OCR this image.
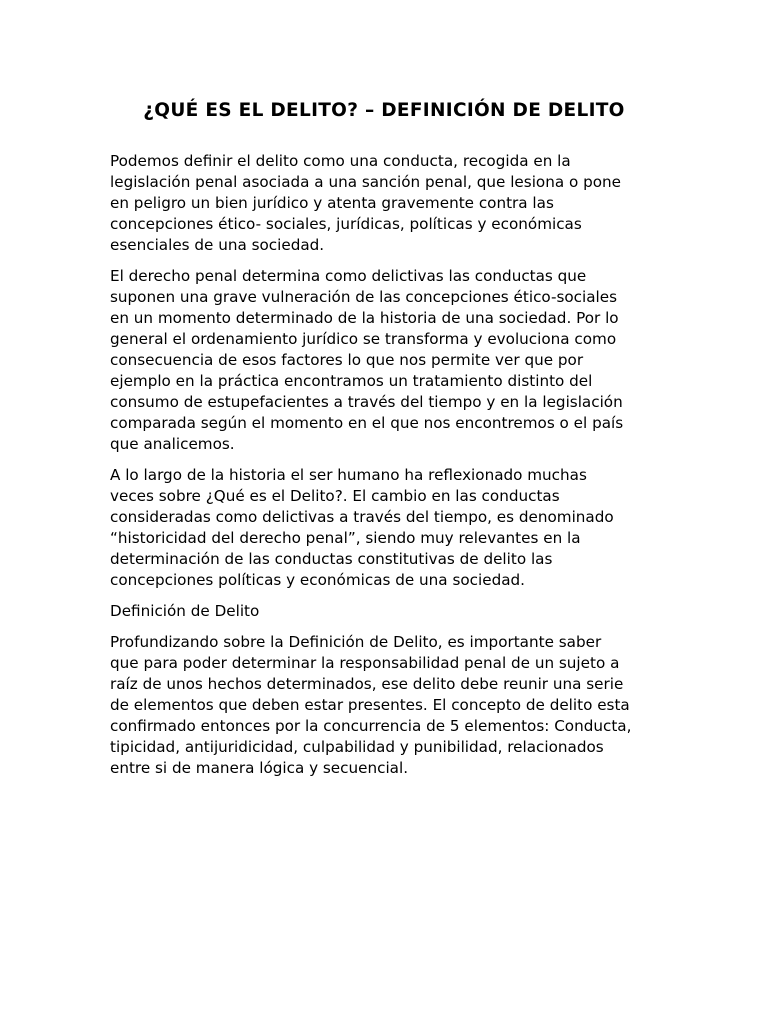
¿QUÉ ES EL DELITO? – DEFINICIÓN DE DELITO

Podemos definir el delito como una conducta, recogida en la
legislación penal asociada a una sanción penal, que lesiona o pone
en peligro un bien jurídico y atenta gravemente contra las
concepciones ético- sociales, jurídicas, políticas y económicas
esenciales de una sociedad.

El derecho penal determina como delictivas las conductas que
suponen una grave vulneración de las concepciones ético-sociales
en un momento determinado de la historia de una sociedad. Por lo
general el ordenamiento jurídico se transforma y evoluciona como
consecuencia de esos factores lo que nos permite ver que por
ejemplo en la práctica encontramos un tratamiento distinto del
consumo de estupefacientes a través del tiempo y en la legislación
comparada según el momento en el que nos encontremos o el país
que analicemos.

A lo largo de la historia el ser humano ha reflexionado muchas
veces sobre ¿Qué es el Delito?. El cambio en las conductas
consideradas como delictivas a través del tiempo, es denominado
“historicidad del derecho penal”, siendo muy relevantes en la
determinación de las conductas constitutivas de delito las
concepciones políticas y económicas de una sociedad.

Definición de Delito

Profundizando sobre la Definición de Delito, es importante saber
que para poder determinar la responsabilidad penal de un sujeto a
raíz de unos hechos determinados, ese delito debe reunir una serie
de elementos que deben estar presentes. El concepto de delito esta
confirmado entonces por la concurrencia de 5 elementos: Conducta,
tipicidad, antijuridicidad, culpabilidad y punibilidad, relacionados
entre si de manera lógica y secuencial.
